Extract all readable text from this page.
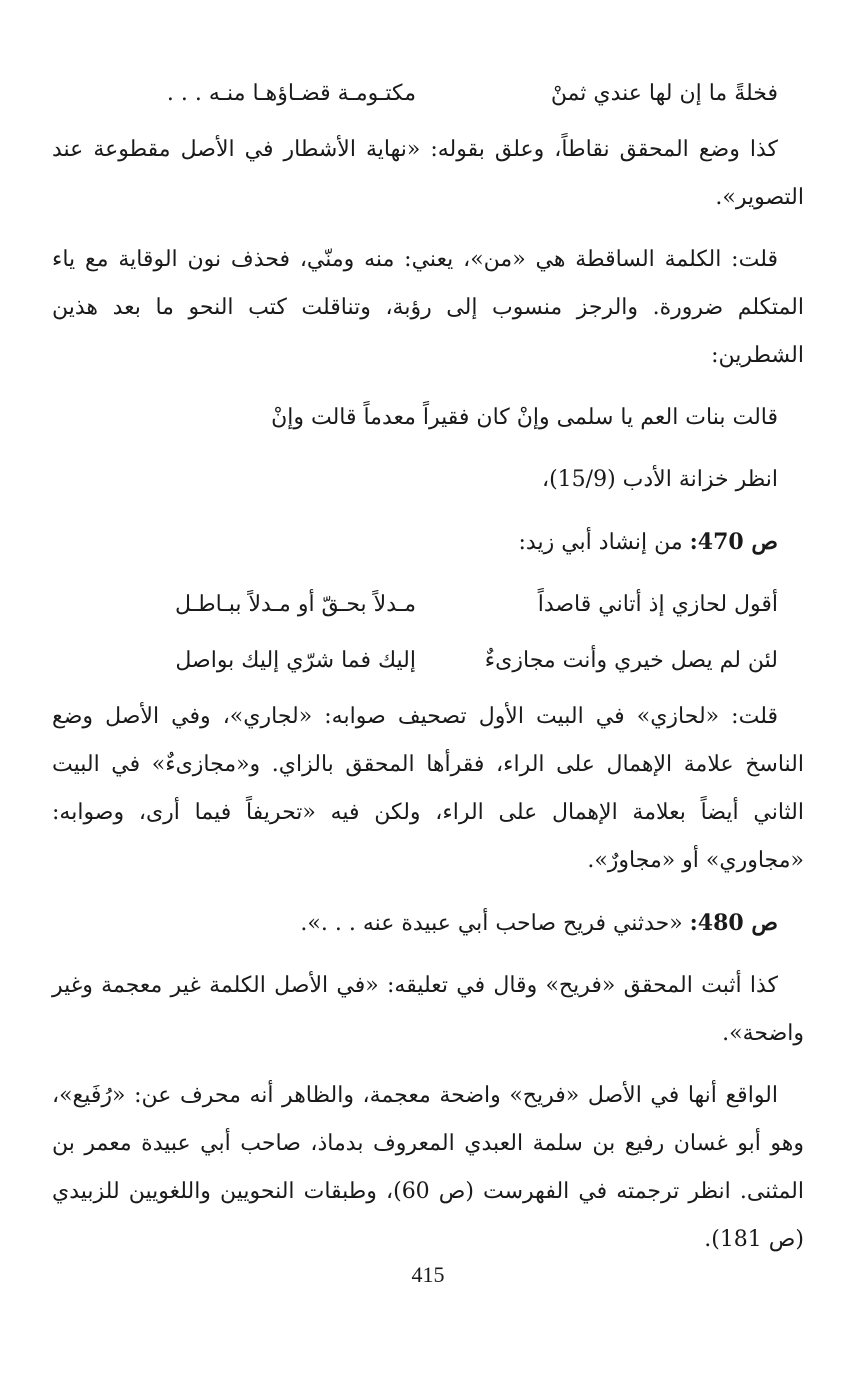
فخلةً ما إن لها عندي ثمنْ
مكتـومـة قضـاؤهـا منـه . . .

كذا وضع المحقق نقاطاً، وعلق بقوله: «نهاية الأشطار في الأصل مقطوعة عند التصوير».

قلت: الكلمة الساقطة هي «من»، يعني: منه ومنّي، فحذف نون الوقاية مع ياء المتكلم ضرورة. والرجز منسوب إلى رؤبة، وتناقلت كتب النحو ما بعد هذين الشطرين:

قالت بنات العم يا سلمى وإنْ كان فقيراً معدماً قالت وإنْ

انظر خزانة الأدب (15/9)،

ص 470: من إنشاد أبي زيد:

أقول لحازي إذ أتاني قاصداً
مـدلاً بحـقّ أو مـدلاً ببـاطـل
لئن لم يصل خيري وأنت مجازىءٌ
إليك فما شرّي إليك بواصل

قلت: «لحازي» في البيت الأول تصحيف صوابه: «لجاري»، وفي الأصل وضع الناسخ علامة الإهمال على الراء، فقرأها المحقق بالزاي. و«مجازىءٌ» في البيت الثاني أيضاً بعلامة الإهمال على الراء، ولكن فيه «تحريفاً فيما أرى، وصوابه: «مجاوري» أو «مجاورٌ».

ص 480: «حدثني فريح صاحب أبي عبيدة عنه . . .».

كذا أثبت المحقق «فريح» وقال في تعليقه: «في الأصل الكلمة غير معجمة وغير واضحة».

الواقع أنها في الأصل «فريح» واضحة معجمة، والظاهر أنه محرف عن: «رُفَيع»، وهو أبو غسان رفيع بن سلمة العبدي المعروف بدماذ، صاحب أبي عبيدة معمر بن المثنى. انظر ترجمته في الفهرست (ص 60)، وطبقات النحويين واللغويين للزبيدي (ص 181).

415
